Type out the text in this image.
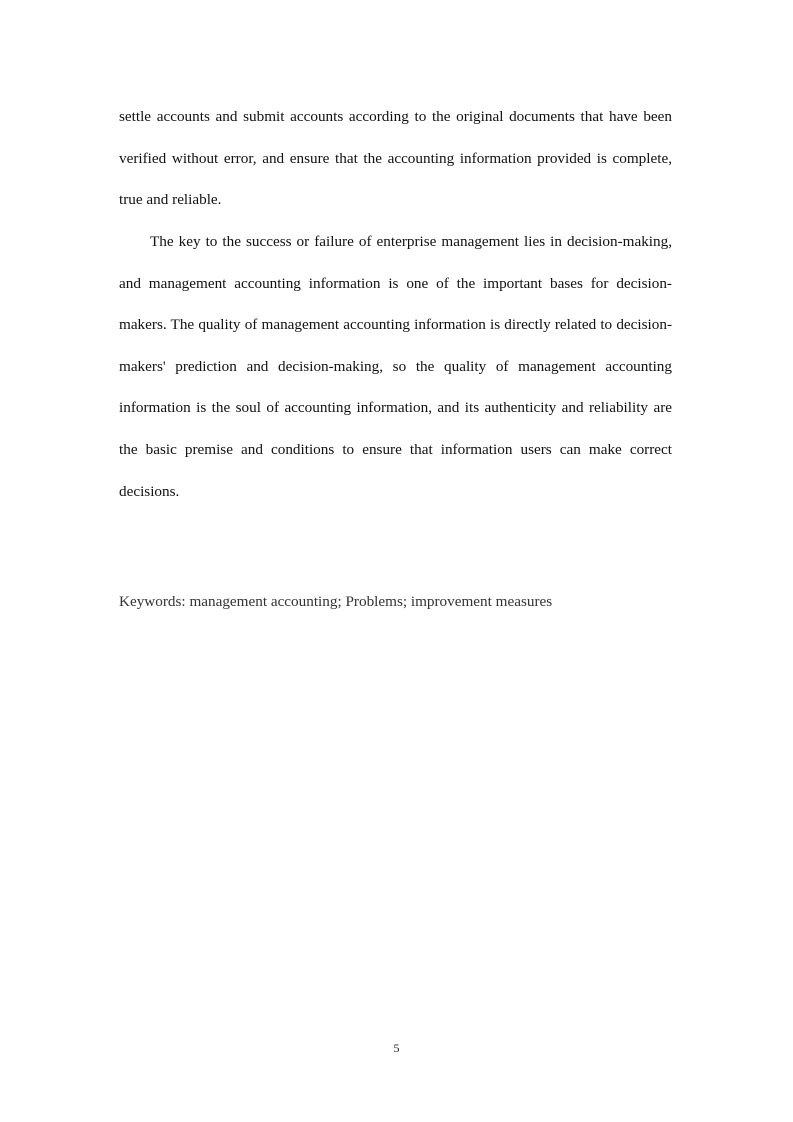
settle accounts and submit accounts according to the original documents that have been verified without error, and ensure that the accounting information provided is complete, true and reliable.

The key to the success or failure of enterprise management lies in decision-making, and management accounting information is one of the important bases for decision-makers. The quality of management accounting information is directly related to decision-makers' prediction and decision-making, so the quality of management accounting information is the soul of accounting information, and its authenticity and reliability are the basic premise and conditions to ensure that information users can make correct decisions.

Keywords: management accounting; Problems; improvement measures
5
